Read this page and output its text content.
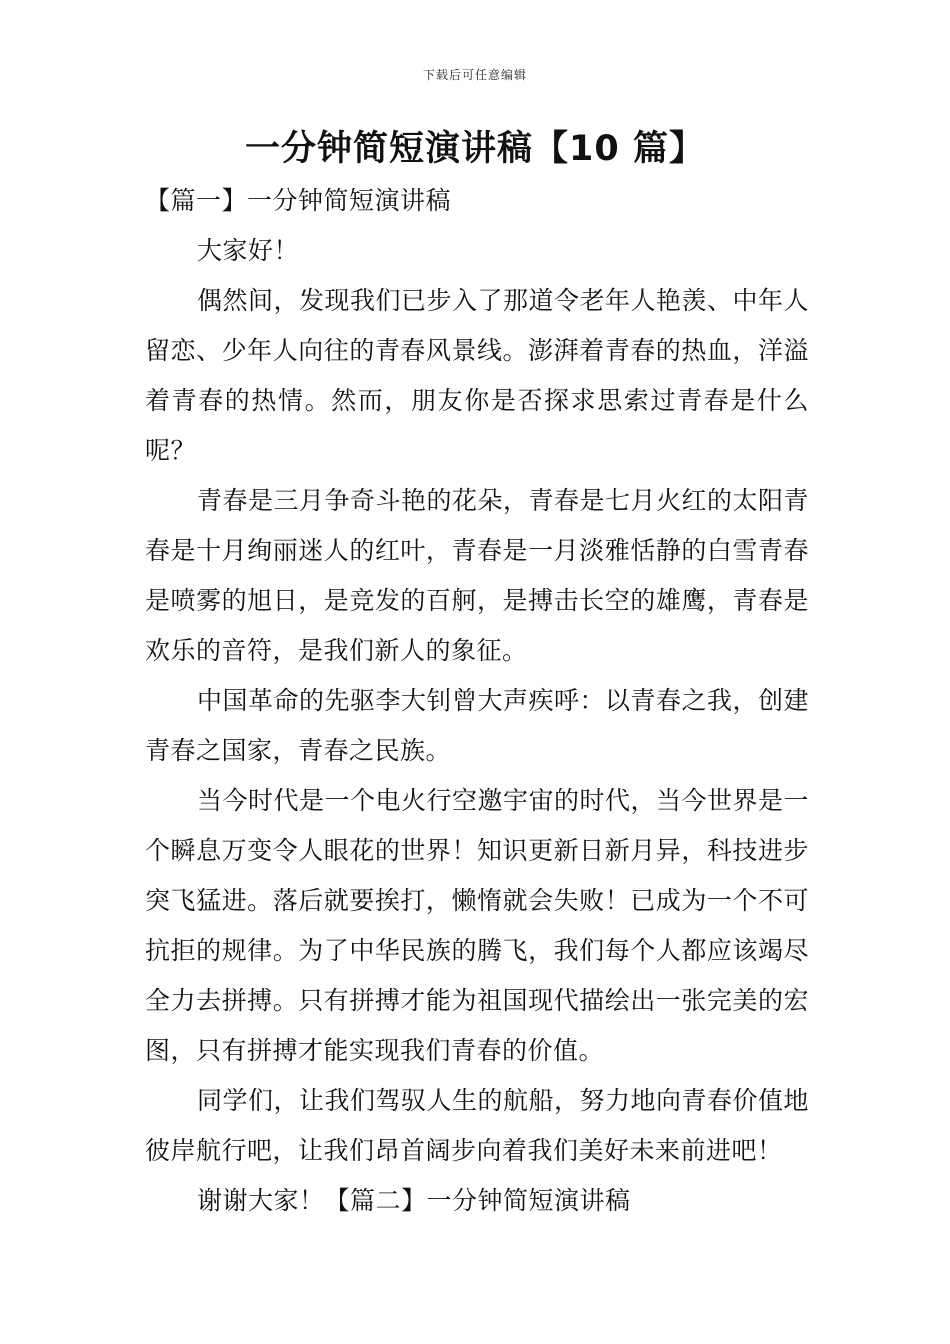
下载后可任意编辑
一分钟简短演讲稿【10 篇】

【篇一】一分钟简短演讲稿

大家好！

偶然间，发现我们已步入了那道令老年人艳羡、中年人留恋、少年人向往的青春风景线。澎湃着青春的热血，洋溢着青春的热情。然而，朋友你是否探求思索过青春是什么呢？

青春是三月争奇斗艳的花朵，青春是七月火红的太阳青春是十月绚丽迷人的红叶，青春是一月淡雅恬静的白雪青春是喷雾的旭日，是竞发的百舸，是搏击长空的雄鹰，青春是欢乐的音符，是我们新人的象征。

中国革命的先驱李大钊曾大声疾呼：以青春之我，创建青春之国家，青春之民族。

当今时代是一个电火行空邀宇宙的时代，当今世界是一个瞬息万变令人眼花的世界！知识更新日新月异，科技进步突飞猛进。落后就要挨打，懒惰就会失败！已成为一个不可抗拒的规律。为了中华民族的腾飞，我们每个人都应该竭尽全力去拼搏。只有拼搏才能为祖国现代描绘出一张完美的宏图，只有拼搏才能实现我们青春的价值。

同学们，让我们驾驭人生的航船，努力地向青春价值地彼岸航行吧，让我们昂首阔步向着我们美好未来前进吧！

谢谢大家！【篇二】一分钟简短演讲稿
